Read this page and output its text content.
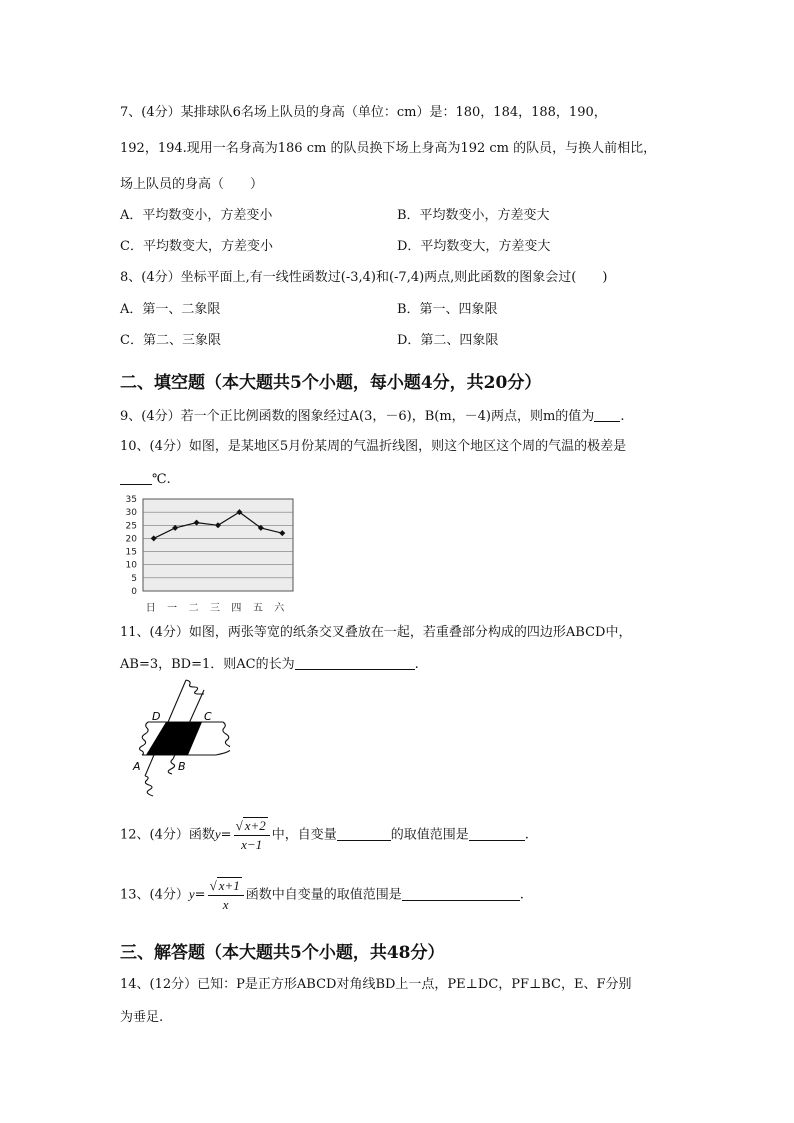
7、(4分）某排球队6名场上队员的身高（单位：cm）是：180，184，188，190，
192，194.现用一名身高为186 cm 的队员换下场上身高为192 cm 的队员，与换人前相比，
场上队员的身高（　　）
A．平均数变小，方差变小	B．平均数变小，方差变大
C．平均数变大，方差变小	D．平均数变大，方差变大
8、(4分）坐标平面上,有一线性函数过(-3,4)和(-7,4)两点,则此函数的图象会过(　　)
A．第一、二象限	B．第一、四象限
C．第二、三象限	D．第二、四象限
二、填空题（本大题共5个小题，每小题4分，共20分）
9、(4分）若一个正比例函数的图象经过A(3，－6)，B(m，－4)两点，则m的值为 .
10、(4分）如图，是某地区5月份某周的气温折线图，则这个地区这个周的气温的极差是
℃.
35
30
25
20
15
10
5
0
日 一 二 三 四 五 六
11、(4分）如图，两张等宽的纸条交叉叠放在一起，若重叠部分构成的四边形ABCD中，
AB=3，BD=1．则AC的长为	.
D	C
A	B
12、(4分）函数$y= \frac{√ x+2}{x-1}$ 中，自变量	的取值范围是	.
13、(4分）$y= \frac{√ x+1}{x}$ 函数中自变量的取值范围是	.
三、解答题（本大题共5个小题，共48分）
14、(12分）已知：P是正方形ABCD对角线BD上一点，PE⊥DC，PF⊥BC，E、F分别
为垂足.
